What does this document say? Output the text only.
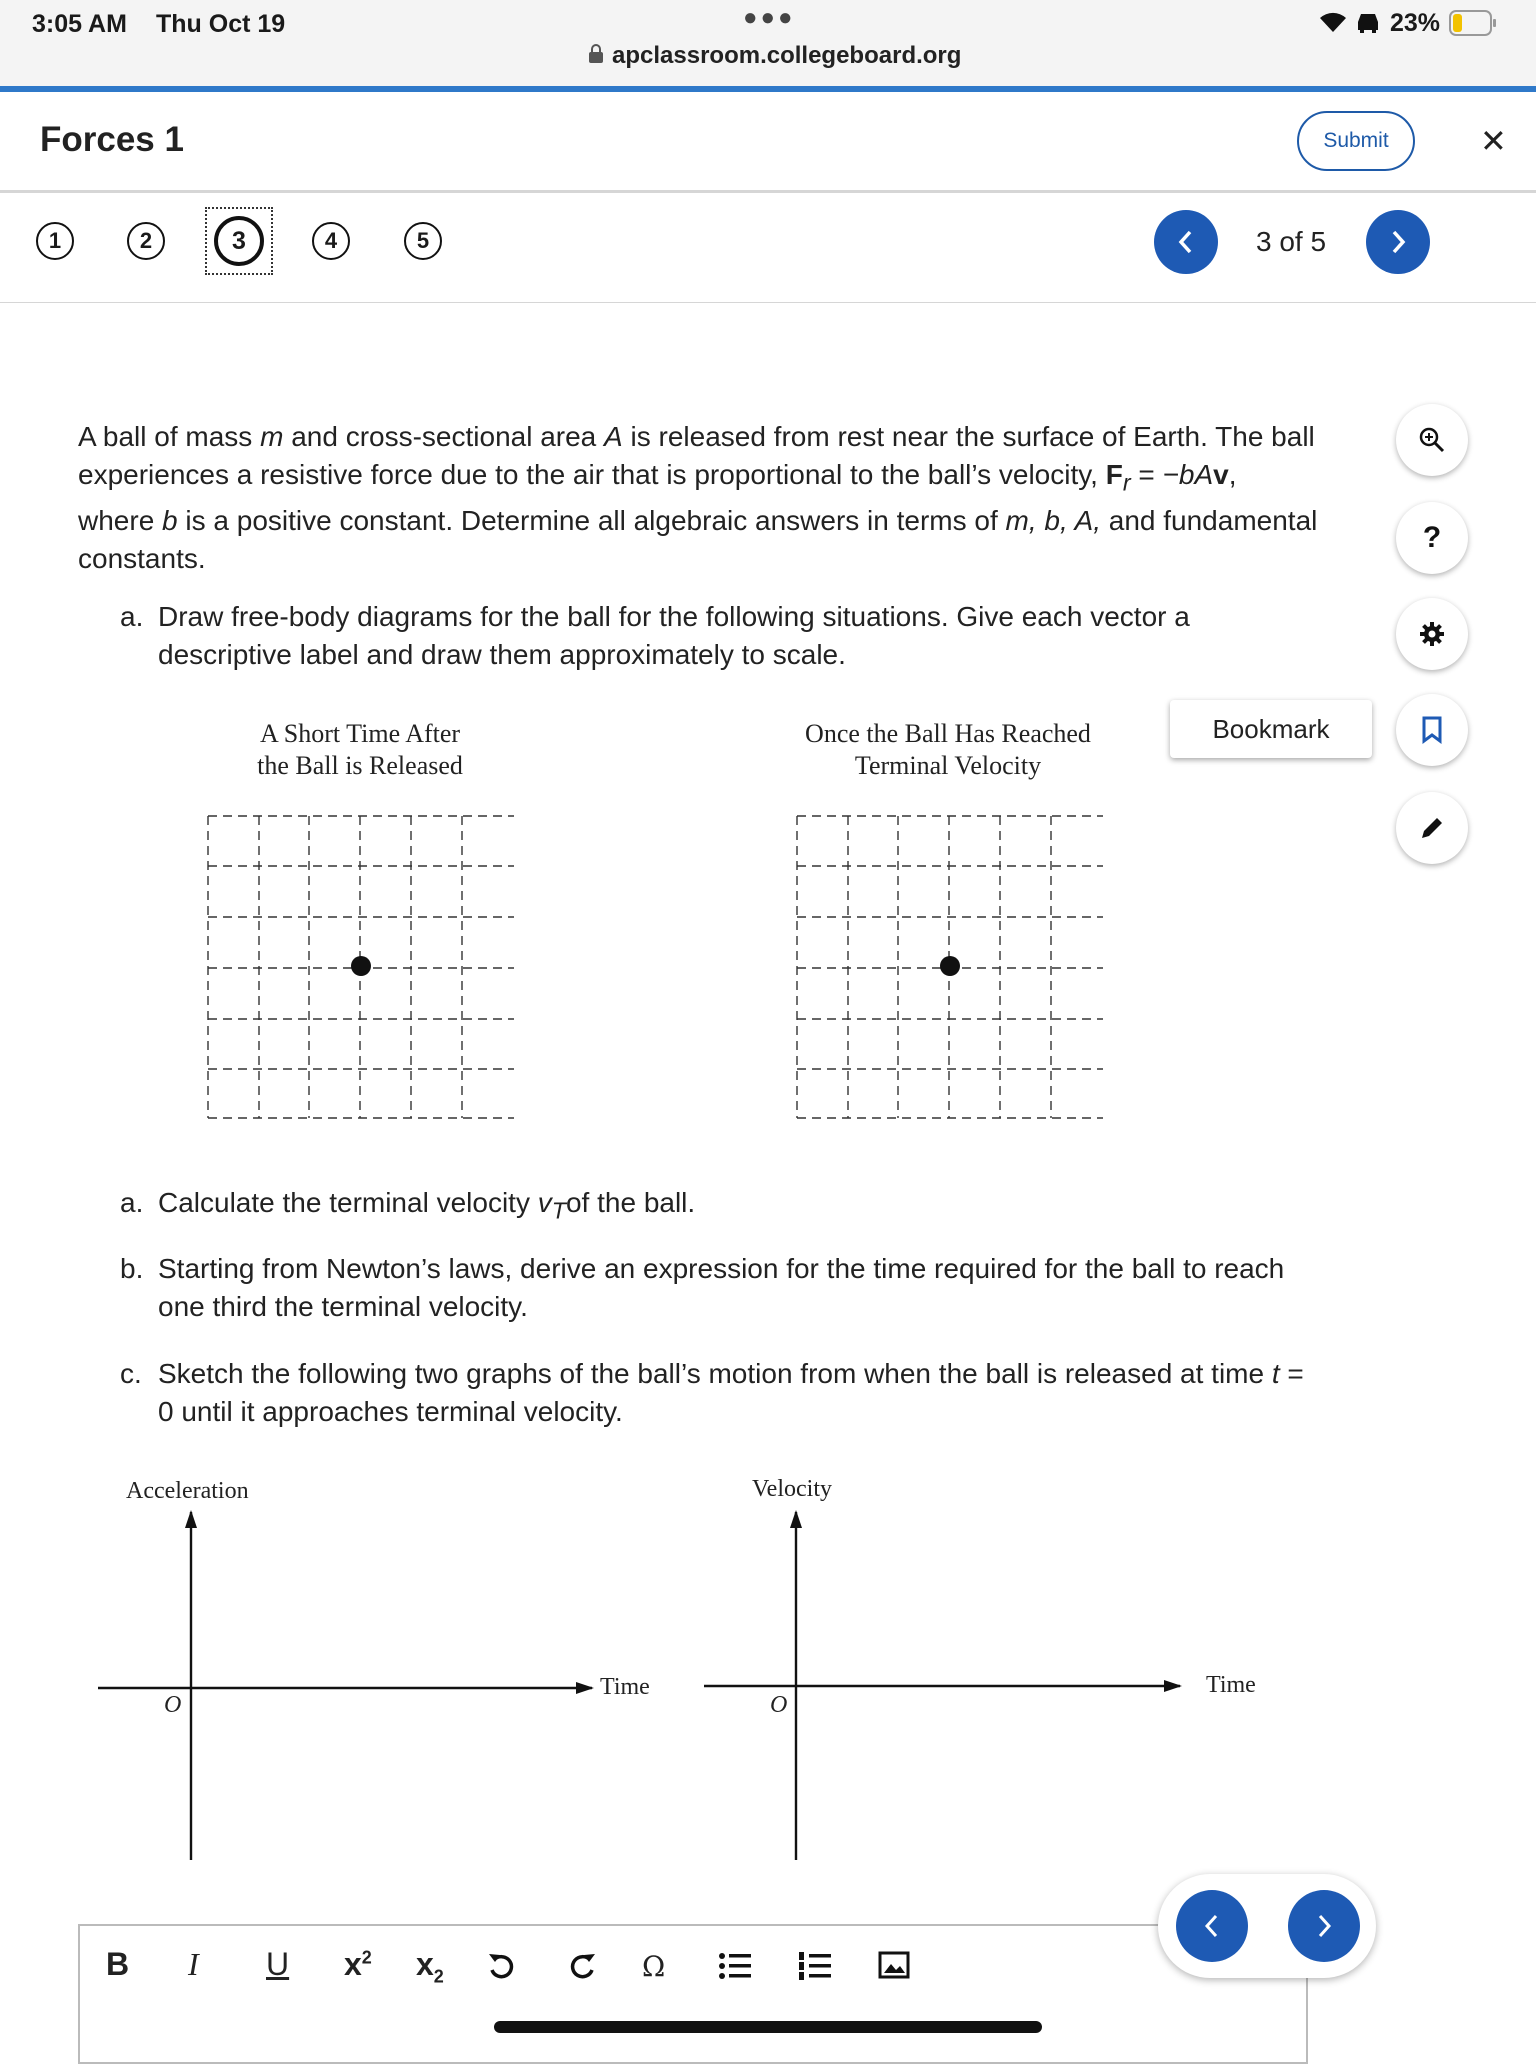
3:05 AM Thu Oct 19	●●●
apclassroom.collegeboard.org
23%
Forces 1	Submit	✕
1	2	3	4	5	3 of 5
A ball of mass m and cross-sectional area A is released from rest near the surface of Earth. The ball experiences a resistive force due to the air that is proportional to the ball’s velocity, $F_r = -bAv$, where b is a positive constant. Determine all algebraic answers in terms of m, b, A, and fundamental constants.
a. Draw free-body diagrams for the ball for the following situations. Give each vector a descriptive label and draw them approximately to scale.
A Short Time After
the Ball is Released
Once the Ball Has Reached
Terminal Velocity
a. Calculate the terminal velocity $v_Tof$ the ball.
b. Starting from Newton’s laws, derive an expression for the time required for the ball to reach one third the terminal velocity.
c. Sketch the following two graphs of the ball’s motion from when the ball is released at time t = 0 until it approaches terminal velocity.
Acceleration	Velocity
Time
O
Time
O
?
Bookmark
B I U $x^2$ $x_2$	Ω
